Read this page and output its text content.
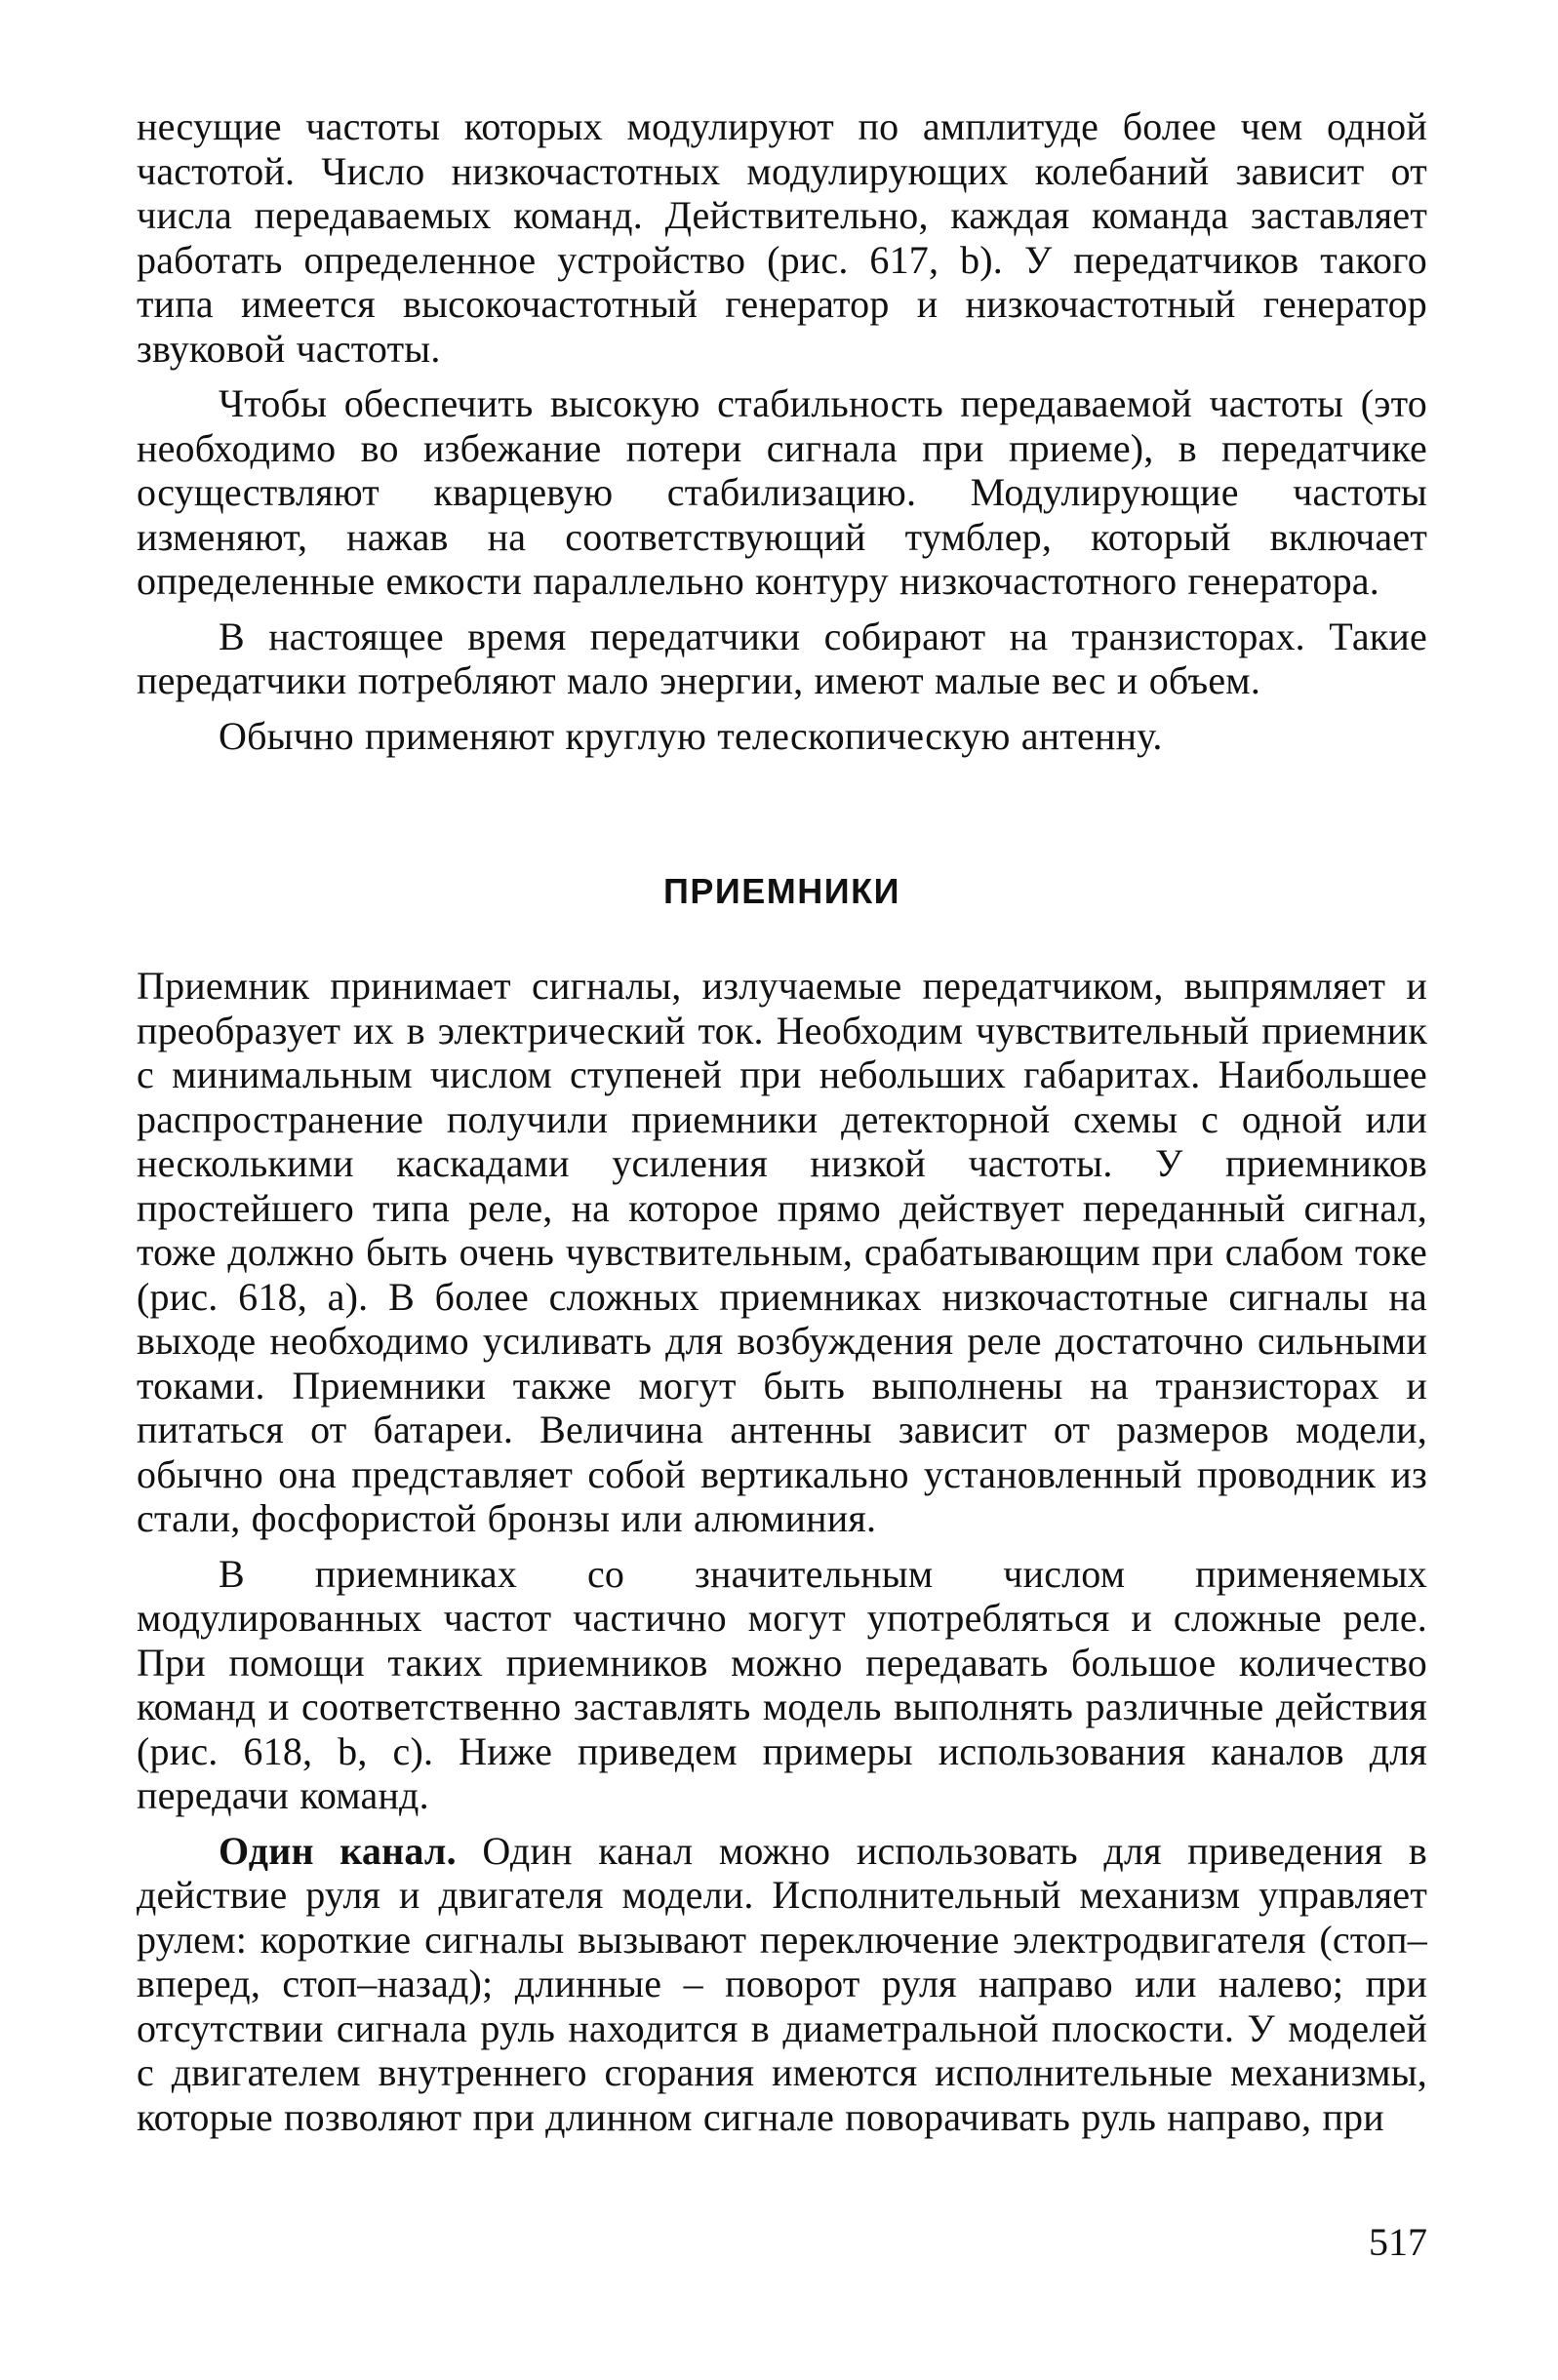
несущие частоты которых модулируют по амплитуде более чем одной частотой. Число низкочастотных модулирующих колебаний зависит от числа передаваемых команд. Действительно, каждая команда заставляет работать определенное устройство (рис. 617, b). У передатчиков такого типа имеется высокочастотный генератор и низкочастотный генератор звуковой частоты.

Чтобы обеспечить высокую стабильность передаваемой частоты (это необходимо во избежание потери сигнала при приеме), в передатчике осуществляют кварцевую стабилизацию. Модулирующие частоты изменяют, нажав на соответствующий тумблер, который включает определенные емкости параллельно контуру низкочастотного генератора.

В настоящее время передатчики собирают на транзисторах. Такие передатчики потребляют мало энергии, имеют малые вес и объем.

Обычно применяют круглую телескопическую антенну.

ПРИЕМНИКИ

Приемник принимает сигналы, излучаемые передатчиком, выпрямляет и преобразует их в электрический ток. Необходим чувствительный приемник с минимальным числом ступеней при небольших габаритах. Наибольшее распространение получили приемники детекторной схемы с одной или несколькими каскадами усиления низкой частоты. У приемников простейшего типа реле, на которое прямо действует переданный сигнал, тоже должно быть очень чувствительным, срабатывающим при слабом токе (рис. 618, a). В более сложных приемниках низкочастотные сигналы на выходе необходимо усиливать для возбуждения реле достаточно сильными токами. Приемники также могут быть выполнены на транзисторах и питаться от батареи. Величина антенны зависит от размеров модели, обычно она представляет собой вертикально установленный проводник из стали, фосфористой бронзы или алюминия.

В приемниках со значительным числом применяемых модулированных частот частично могут употребляться и сложные реле. При помощи таких приемников можно передавать большое количество команд и соответственно заставлять модель выполнять различные действия (рис. 618, b, c). Ниже приведем примеры использования каналов для передачи команд.

Один канал. Один канал можно использовать для приведения в действие руля и двигателя модели. Исполнительный механизм управляет рулем: короткие сигналы вызывают переключение электродвигателя (стоп–вперед, стоп–назад); длинные – поворот руля направо или налево; при отсутствии сигнала руль находится в диаметральной плоскости. У моделей с двигателем внутреннего сгорания имеются исполнительные механизмы, которые позволяют при длинном сигнале поворачивать руль направо, при

517
